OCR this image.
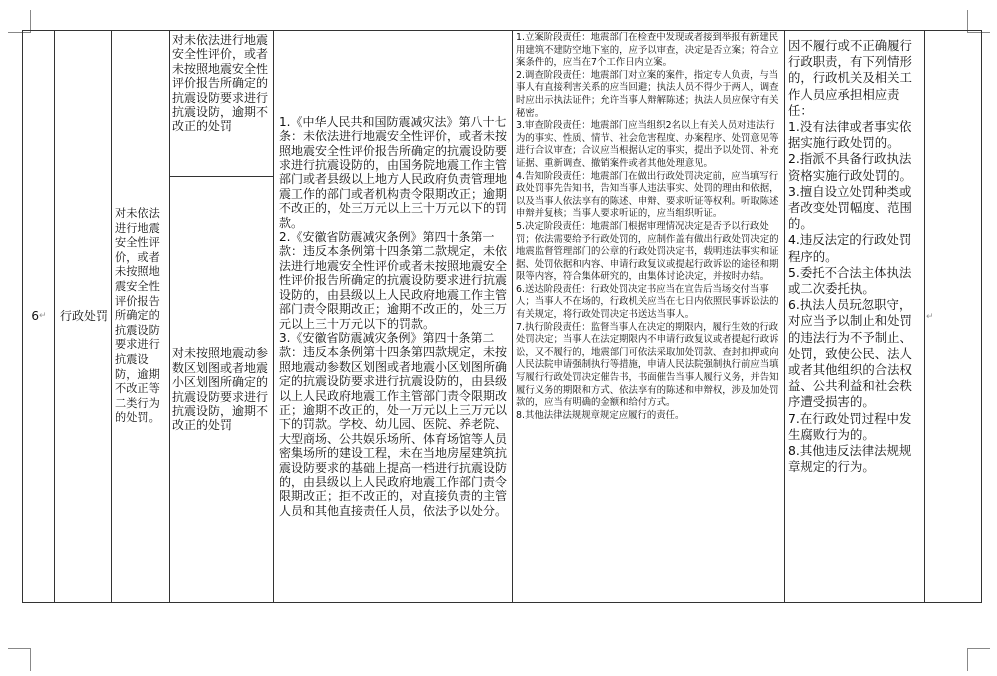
6 ↵ 行政处罚
对未依法进行地震安全性评价，或者未按照地震安全性评价报告所确定的抗震设防要求进行抗震设防，逾期不改正等二类行为的处罚。
对未依法进行地震安全性评价，或者未按照地震安全性评价报告所确定的抗震设防要求进行抗震设防，逾期不改正的处罚
对未按照地震动参数区划图或者地震小区划图所确定的抗震设防要求进行抗震设防，逾期不改正的处罚
1.《中华人民共和国防震减灾法》第八十七条：未依法进行地震安全性评价，或者未按照地震安全性评价报告所确定的抗震设防要求进行抗震设防的，由国务院地震工作主管部门或者县级以上地方人民政府负责管理地震工作的部门或者机构责令限期改正；逾期不改正的，处三万元以上三十万元以下的罚款。
2.《安徽省防震减灾条例》第四十条第一款：违反本条例第十四条第二款规定，未依法进行地震安全性评价或者未按照地震安全性评价报告所确定的抗震设防要求进行抗震设防的，由县级以上人民政府地震工作主管部门责令限期改正；逾期不改正的，处三万元以上三十万元以下的罚款。
3.《安徽省防震减灾条例》第四十条第二款：违反本条例第十四条第四款规定，未按照地震动参数区划图或者地震小区划图所确定的抗震设防要求进行抗震设防的，由县级以上人民政府地震工作主管部门责令限期改正；逾期不改正的，处一万元以上三万元以下的罚款。学校、幼儿园、医院、养老院、大型商场、公共娱乐场所、体育场馆等人员密集场所的建设工程，未在当地房屋建筑抗震设防要求的基础上提高一档进行抗震设防的，由县级以上人民政府地震工作部门责令限期改正；拒不改正的，对直接负责的主管人员和其他直接责任人员，依法予以处分。
1.立案阶段责任：地震部门在检查中发现或者接到举报有新建民用建筑不建防空地下室的，应予以审查，决定是否立案；符合立案条件的，应当在7个工作日内立案。
2.调查阶段责任：地震部门对立案的案件，指定专人负责，与当事人有直接利害关系的应当回避；执法人员不得少于两人，调查时应出示执法证件；允许当事人辩解陈述；执法人员应保守有关秘密。
3.审查阶段责任：地震部门应当组织2名以上有关人员对违法行为的事实、性质、情节、社会危害程度、办案程序、处罚意见等进行合议审查；合议应当根据认定的事实，提出予以处罚、补充证据、重新调查、撤销案件或者其他处理意见。
4.告知阶段责任：地震部门在做出行政处罚决定前，应当填写行政处罚事先告知书，告知当事人违法事实、处罚的理由和依据，以及当事人依法享有的陈述、申辩、要求听证等权利。听取陈述申辩并复核；当事人要求听证的，应当组织听证。
5.决定阶段责任：地震部门根据审理情况决定是否予以行政处罚；依法需要给予行政处罚的，应制作盖有做出行政处罚决定的地震监督管理部门的公章的行政处罚决定书，载明违法事实和证据、处罚依据和内容、申请行政复议或提起行政诉讼的途径和期限等内容，符合集体研究的，由集体讨论决定，并按时办结。
6.送达阶段责任：行政处罚决定书应当在宣告后当场交付当事人；当事人不在场的，行政机关应当在七日内依照民事诉讼法的有关规定，将行政处罚决定书送达当事人。
7.执行阶段责任：监督当事人在决定的期限内，履行生效的行政处罚决定；当事人在法定期限内不申请行政复议或者提起行政诉讼，又不履行的，地震部门可依法采取加处罚款、查封扣押或向人民法院申请强制执行等措施，申请人民法院强制执行前应当填写履行行政处罚决定催告书，书面催告当事人履行义务，并告知履行义务的期限和方式、依法享有的陈述和申辩权，涉及加处罚款的，应当有明确的金额和给付方式。
8.其他法律法规规章规定应履行的责任。
因不履行或不正确履行行政职责，有下列情形的，行政机关及相关工作人员应承担相应责任：
1.没有法律或者事实依据实施行政处罚的。
2.指派不具备行政执法资格实施行政处罚的。
3.擅自设立处罚种类或者改变处罚幅度、范围的。
4.违反法定的行政处罚程序的。
5.委托不合法主体执法或二次委托执。
6.执法人员玩忽职守，对应当予以制止和处罚的违法行为不予制止、处罚，致使公民、法人或者其他组织的合法权益、公共利益和社会秩序遭受损害的。
7.在行政处罚过程中发生腐败行为的。
8.其他违反法律法规规章规定的行为。
↵
